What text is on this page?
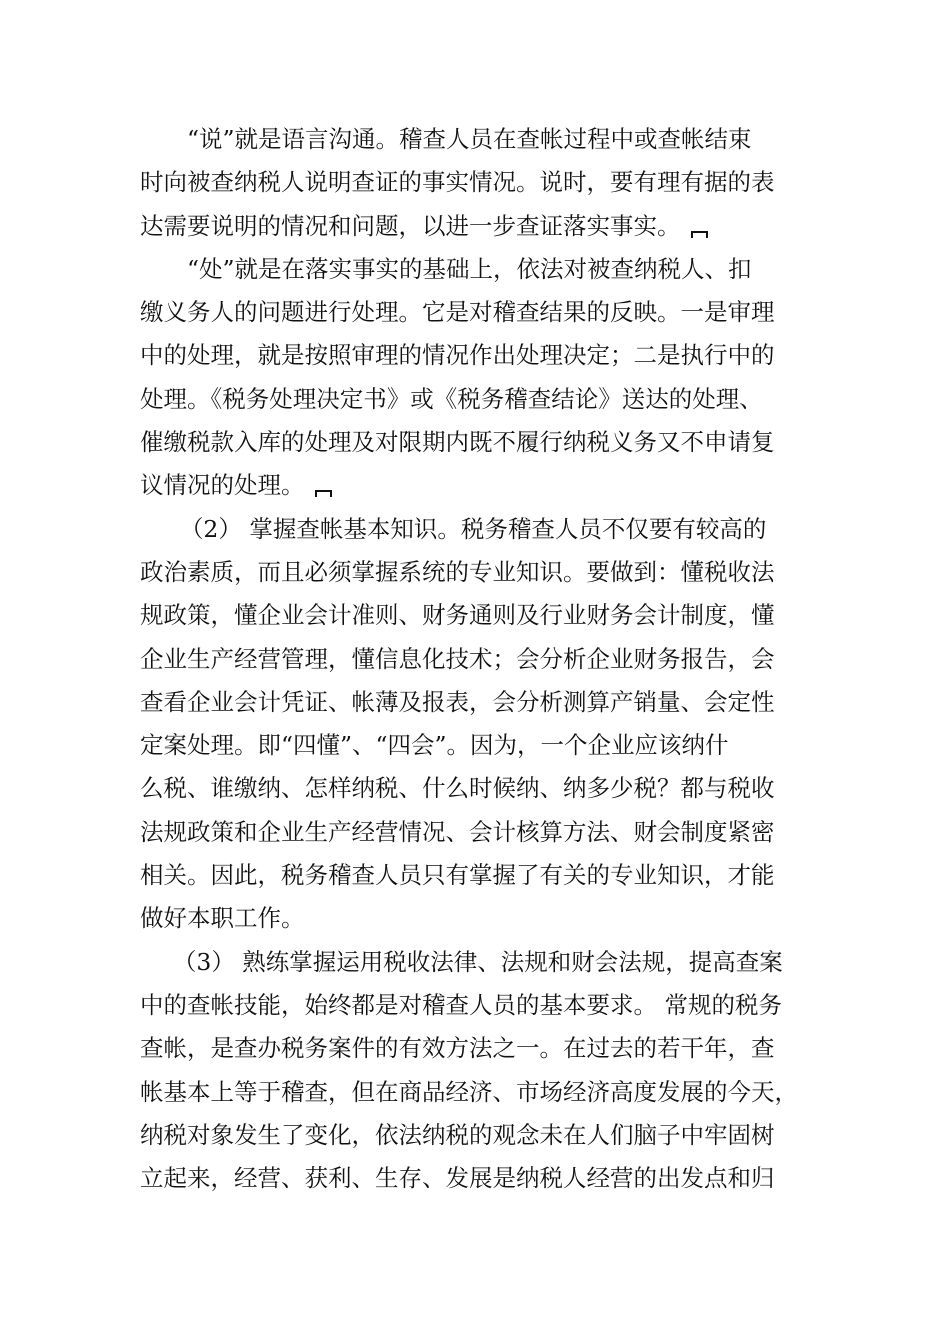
“说”就是语言沟通。稽查人员在查帐过程中或查帐结束
时向被查纳税人说明查证的事实情况。说时，要有理有据的表
达需要说明的情况和问题，以进一步查证落实事实。

“处”就是在落实事实的基础上，依法对被查纳税人、扣
缴义务人的问题进行处理。它是对稽查结果的反映。一是审理
中的处理，就是按照审理的情况作出处理决定；二是执行中的
处理。《税务处理决定书》或《税务稽查结论》送达的处理、
催缴税款入库的处理及对限期内既不履行纳税义务又不申请复
议情况的处理。

（2） 掌握查帐基本知识。税务稽查人员不仅要有较高的
政治素质，而且必须掌握系统的专业知识。要做到：懂税收法
规政策，懂企业会计准则、财务通则及行业财务会计制度，懂
企业生产经营管理，懂信息化技术；会分析企业财务报告，会
查看企业会计凭证、帐薄及报表，会分析测算产销量、会定性
定案处理。即“四懂”、“四会”。因为，一个企业应该纳什
么税、谁缴纳、怎样纳税、什么时候纳、纳多少税？都与税收
法规政策和企业生产经营情况、会计核算方法、财会制度紧密
相关。因此，税务稽查人员只有掌握了有关的专业知识，才能
做好本职工作。

（3） 熟练掌握运用税收法律、法规和财会法规，提高查案
中的查帐技能，始终都是对稽查人员的基本要求。 常规的税务
查帐，是查办税务案件的有效方法之一。在过去的若干年，查
帐基本上等于稽查，但在商品经济、市场经济高度发展的今天，
纳税对象发生了变化，依法纳税的观念未在人们脑子中牢固树
立起来，经营、获利、生存、发展是纳税人经营的出发点和归
